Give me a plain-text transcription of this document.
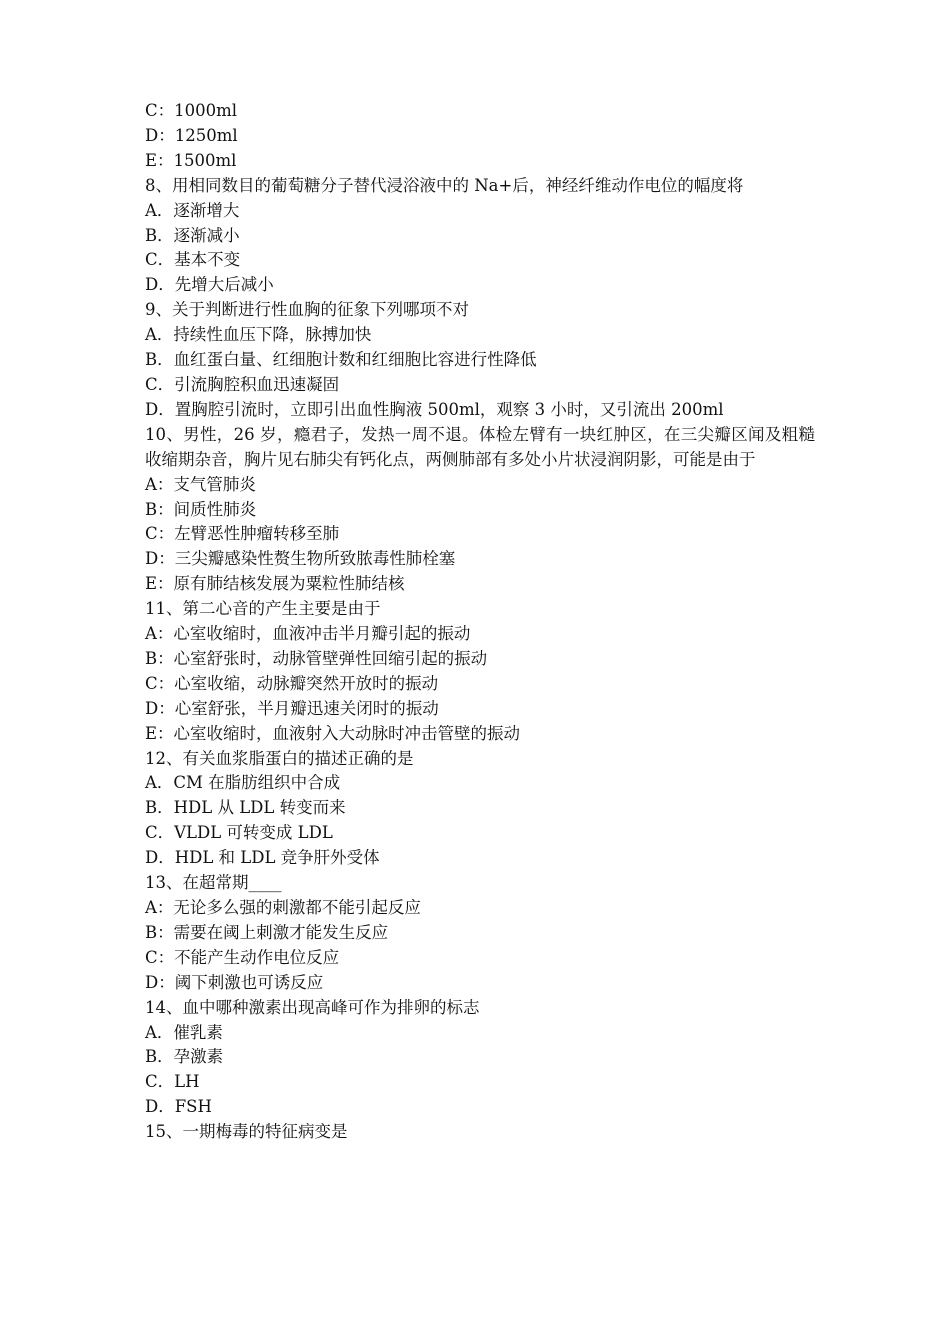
C：1000ml

D：1250ml

E：1500ml

8、用相同数目的葡萄糖分子替代浸浴液中的 Na+后，神经纤维动作电位的幅度将

A．逐渐增大

B．逐渐减小

C．基本不变

D．先增大后减小

9、关于判断进行性血胸的征象下列哪项不对

A．持续性血压下降，脉搏加快

B．血红蛋白量、红细胞计数和红细胞比容进行性降低

C．引流胸腔积血迅速凝固

D．置胸腔引流时，立即引出血性胸液 500ml，观察 3 小时，又引流出 200ml

10、男性，26 岁，瘾君子，发热一周不退。体检左臂有一块红肿区，在三尖瓣区闻及粗糙收缩期杂音，胸片见右肺尖有钙化点，两侧肺部有多处小片状浸润阴影，可能是由于

A：支气管肺炎

B：间质性肺炎

C：左臂恶性肿瘤转移至肺

D：三尖瓣感染性赘生物所致脓毒性肺栓塞

E：原有肺结核发展为粟粒性肺结核

11、第二心音的产生主要是由于

A：心室收缩时，血液冲击半月瓣引起的振动

B：心室舒张时，动脉管壁弹性回缩引起的振动

C：心室收缩，动脉瓣突然开放时的振动

D：心室舒张，半月瓣迅速关闭时的振动

E：心室收缩时，血液射入大动脉时冲击管壁的振动

12、有关血浆脂蛋白的描述正确的是

A．CM 在脂肪组织中合成

B．HDL 从 LDL 转变而来

C．VLDL 可转变成 LDL

D．HDL 和 LDL 竞争肝外受体

13、在超常期____

A：无论多么强的刺激都不能引起反应

B：需要在阈上刺激才能发生反应

C：不能产生动作电位反应

D：阈下刺激也可诱反应

14、血中哪种激素出现高峰可作为排卵的标志

A．催乳素

B．孕激素

C．LH

D．FSH

15、一期梅毒的特征病变是
